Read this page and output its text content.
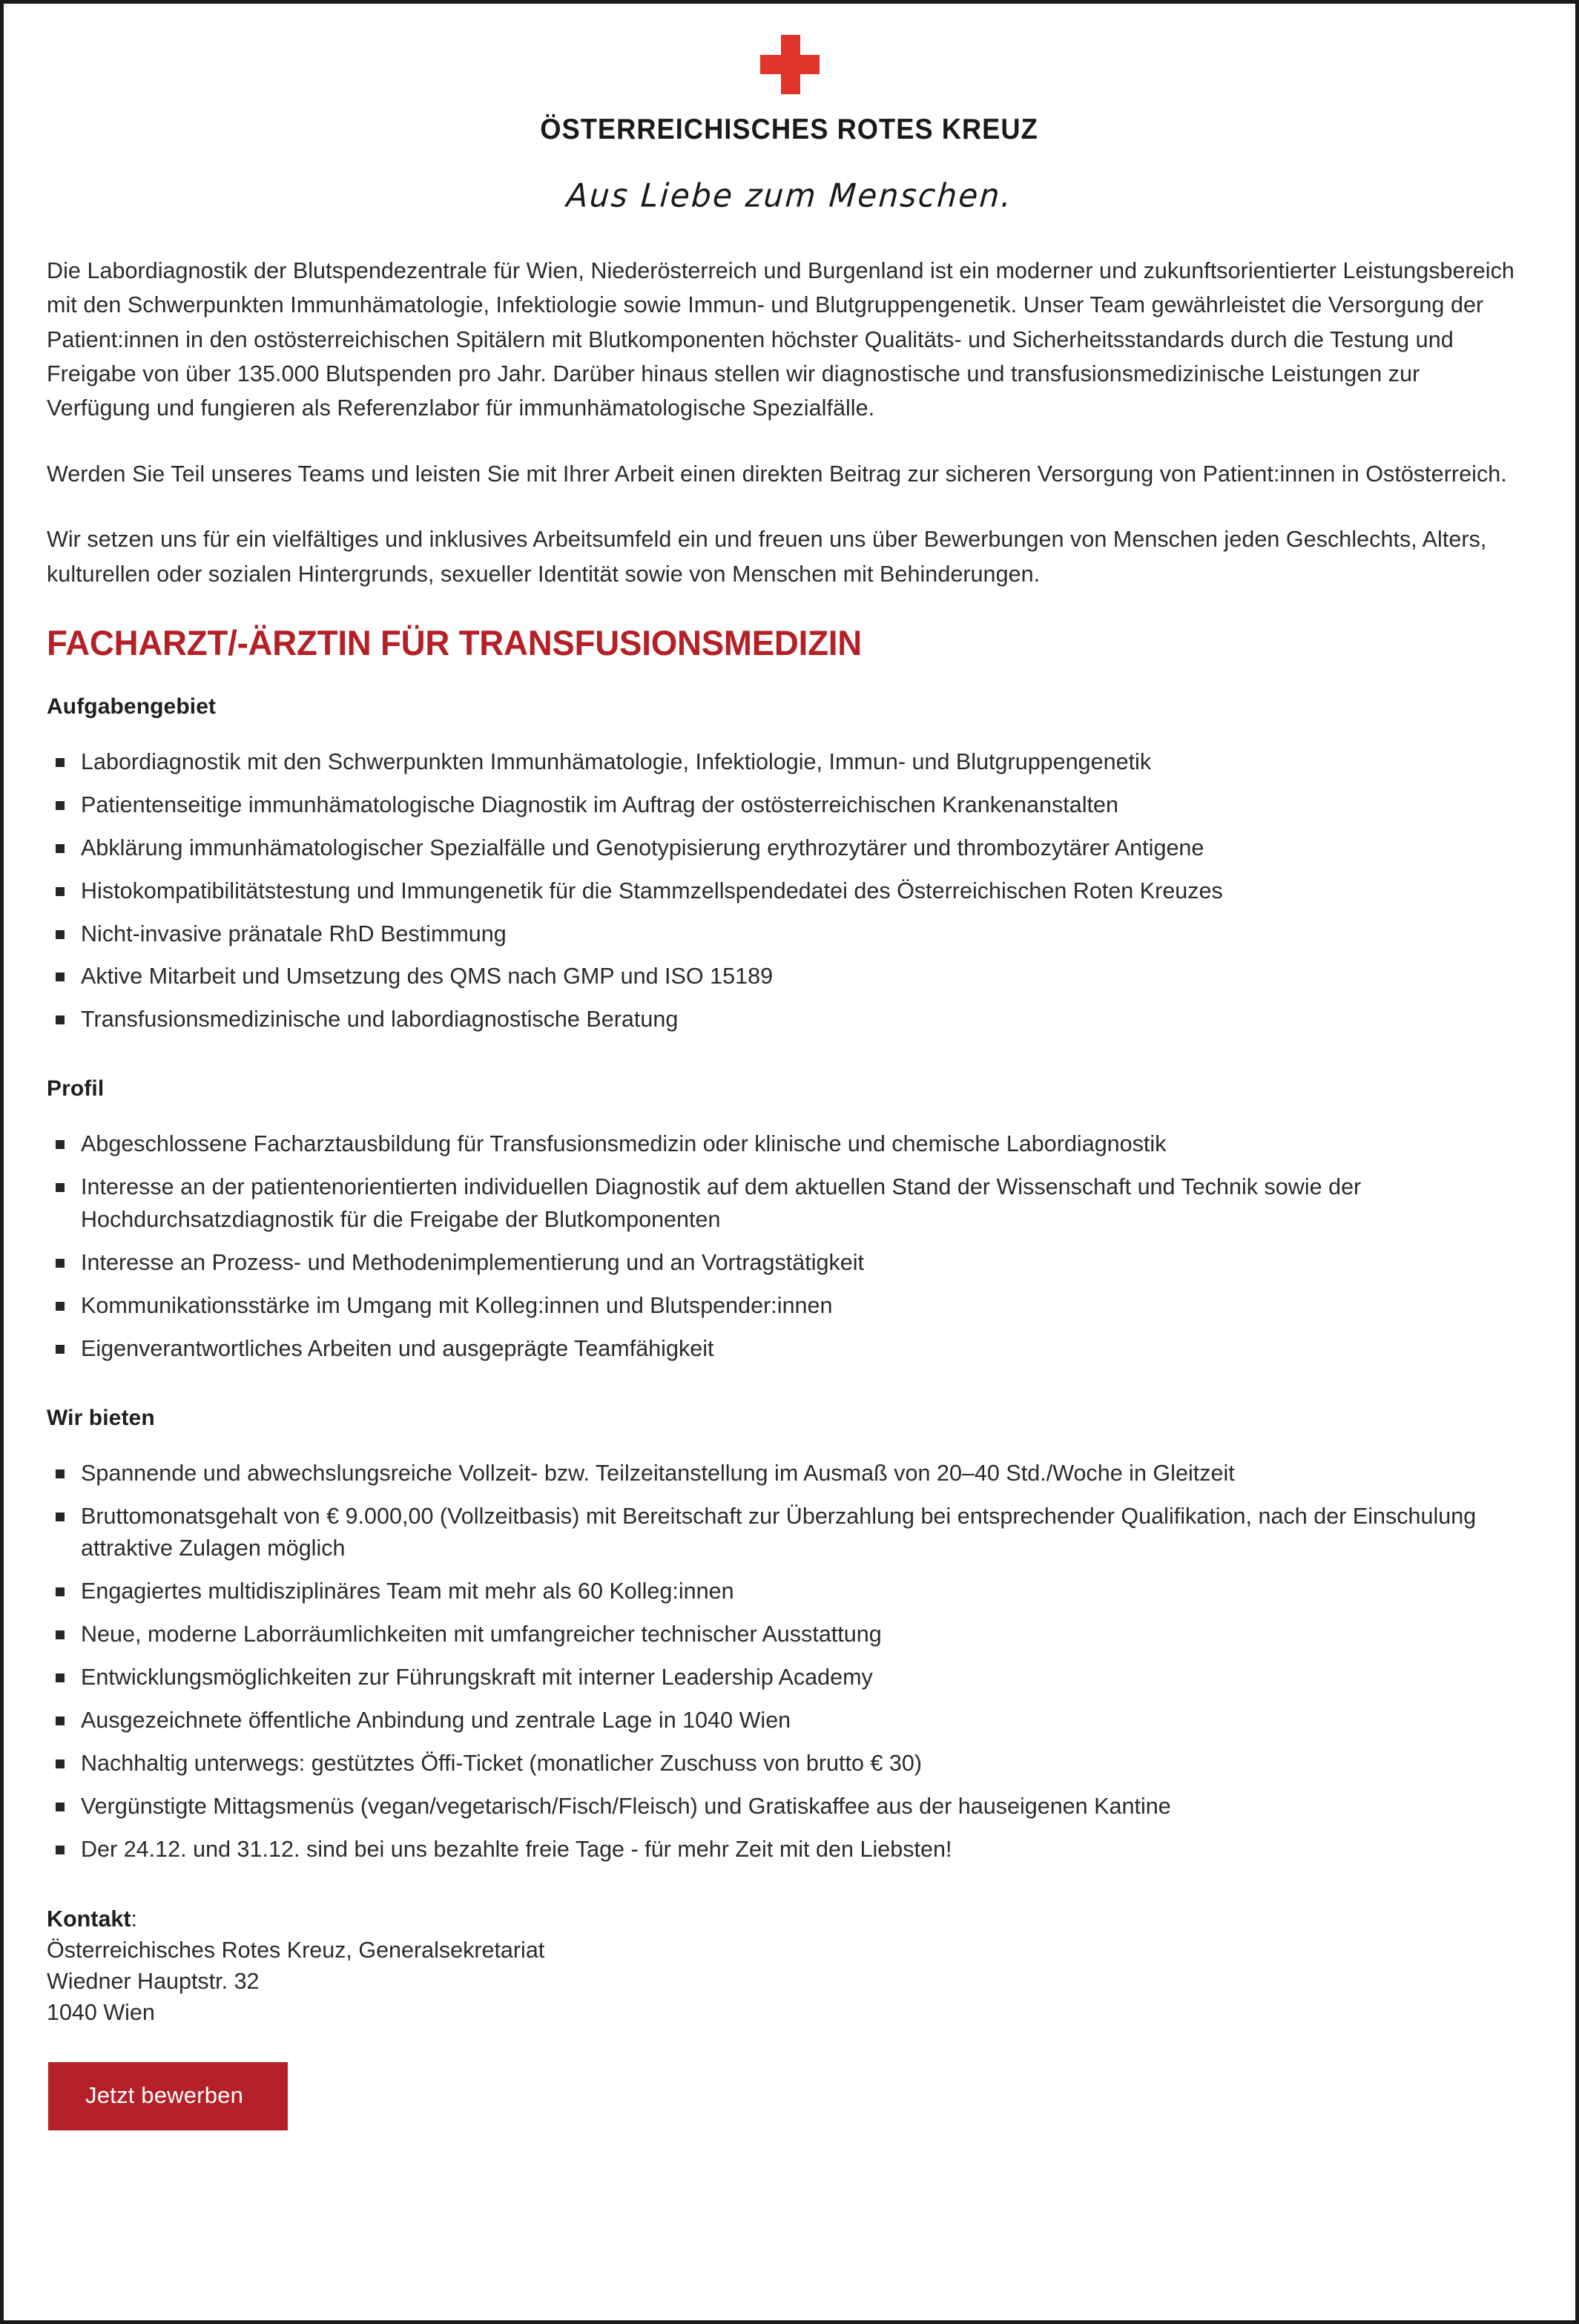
ÖSTERREICHISCHES ROTES KREUZ
Aus Liebe zum Menschen.

Die Labordiagnostik der Blutspendezentrale für Wien, Niederösterreich und Burgenland ist ein moderner und zukunftsorientierter Leistungsbereich mit den Schwerpunkten Immunhämatologie, Infektiologie sowie Immun- und Blutgruppengenetik. Unser Team gewährleistet die Versorgung der Patient:innen in den ostösterreichischen Spitälern mit Blutkomponenten höchster Qualitäts- und Sicherheitsstandards durch die Testung und Freigabe von über 135.000 Blutspenden pro Jahr. Darüber hinaus stellen wir diagnostische und transfusionsmedizinische Leistungen zur Verfügung und fungieren als Referenzlabor für immunhämatologische Spezialfälle.

Werden Sie Teil unseres Teams und leisten Sie mit Ihrer Arbeit einen direkten Beitrag zur sicheren Versorgung von Patient:innen in Ostösterreich.

Wir setzen uns für ein vielfältiges und inklusives Arbeitsumfeld ein und freuen uns über Bewerbungen von Menschen jeden Geschlechts, Alters, kulturellen oder sozialen Hintergrunds, sexueller Identität sowie von Menschen mit Behinderungen.

FACHARZT/-ÄRZTIN FÜR TRANSFUSIONSMEDIZIN
Aufgabengebiet
Labordiagnostik mit den Schwerpunkten Immunhämatologie, Infektiologie, Immun- und Blutgruppengenetik
Patientenseitige immunhämatologische Diagnostik im Auftrag der ostösterreichischen Krankenanstalten
Abklärung immunhämatologischer Spezialfälle und Genotypisierung erythrozytärer und thrombozytärer Antigene
Histokompatibilitätstestung und Immungenetik für die Stammzellspendedatei des Österreichischen Roten Kreuzes
Nicht-invasive pränatale RhD Bestimmung
Aktive Mitarbeit und Umsetzung des QMS nach GMP und ISO 15189
Transfusionsmedizinische und labordiagnostische Beratung
Profil
Abgeschlossene Facharztausbildung für Transfusionsmedizin oder klinische und chemische Labordiagnostik
Interesse an der patientenorientierten individuellen Diagnostik auf dem aktuellen Stand der Wissenschaft und Technik sowie der Hochdurchsatzdiagnostik für die Freigabe der Blutkomponenten
Interesse an Prozess- und Methodenimplementierung und an Vortragstätigkeit
Kommunikationsstärke im Umgang mit Kolleg:innen und Blutspender:innen
Eigenverantwortliches Arbeiten und ausgeprägte Teamfähigkeit
Wir bieten
Spannende und abwechslungsreiche Vollzeit- bzw. Teilzeitanstellung im Ausmaß von 20–40 Std./Woche in Gleitzeit
Bruttomonatsgehalt von € 9.000,00 (Vollzeitbasis) mit Bereitschaft zur Überzahlung bei entsprechender Qualifikation, nach der Einschulung attraktive Zulagen möglich
Engagiertes multidisziplinäres Team mit mehr als 60 Kolleg:innen
Neue, moderne Laborräumlichkeiten mit umfangreicher technischer Ausstattung
Entwicklungsmöglichkeiten zur Führungskraft mit interner Leadership Academy
Ausgezeichnete öffentliche Anbindung und zentrale Lage in 1040 Wien
Nachhaltig unterwegs: gestütztes Öffi-Ticket (monatlicher Zuschuss von brutto € 30)
Vergünstigte Mittagsmenüs (vegan/vegetarisch/Fisch/Fleisch) und Gratiskaffee aus der hauseigenen Kantine
Der 24.12. und 31.12. sind bei uns bezahlte freie Tage - für mehr Zeit mit den Liebsten!
Kontakt:
Österreichisches Rotes Kreuz, Generalsekretariat
Wiedner Hauptstr. 32
1040 Wien
Jetzt bewerben
